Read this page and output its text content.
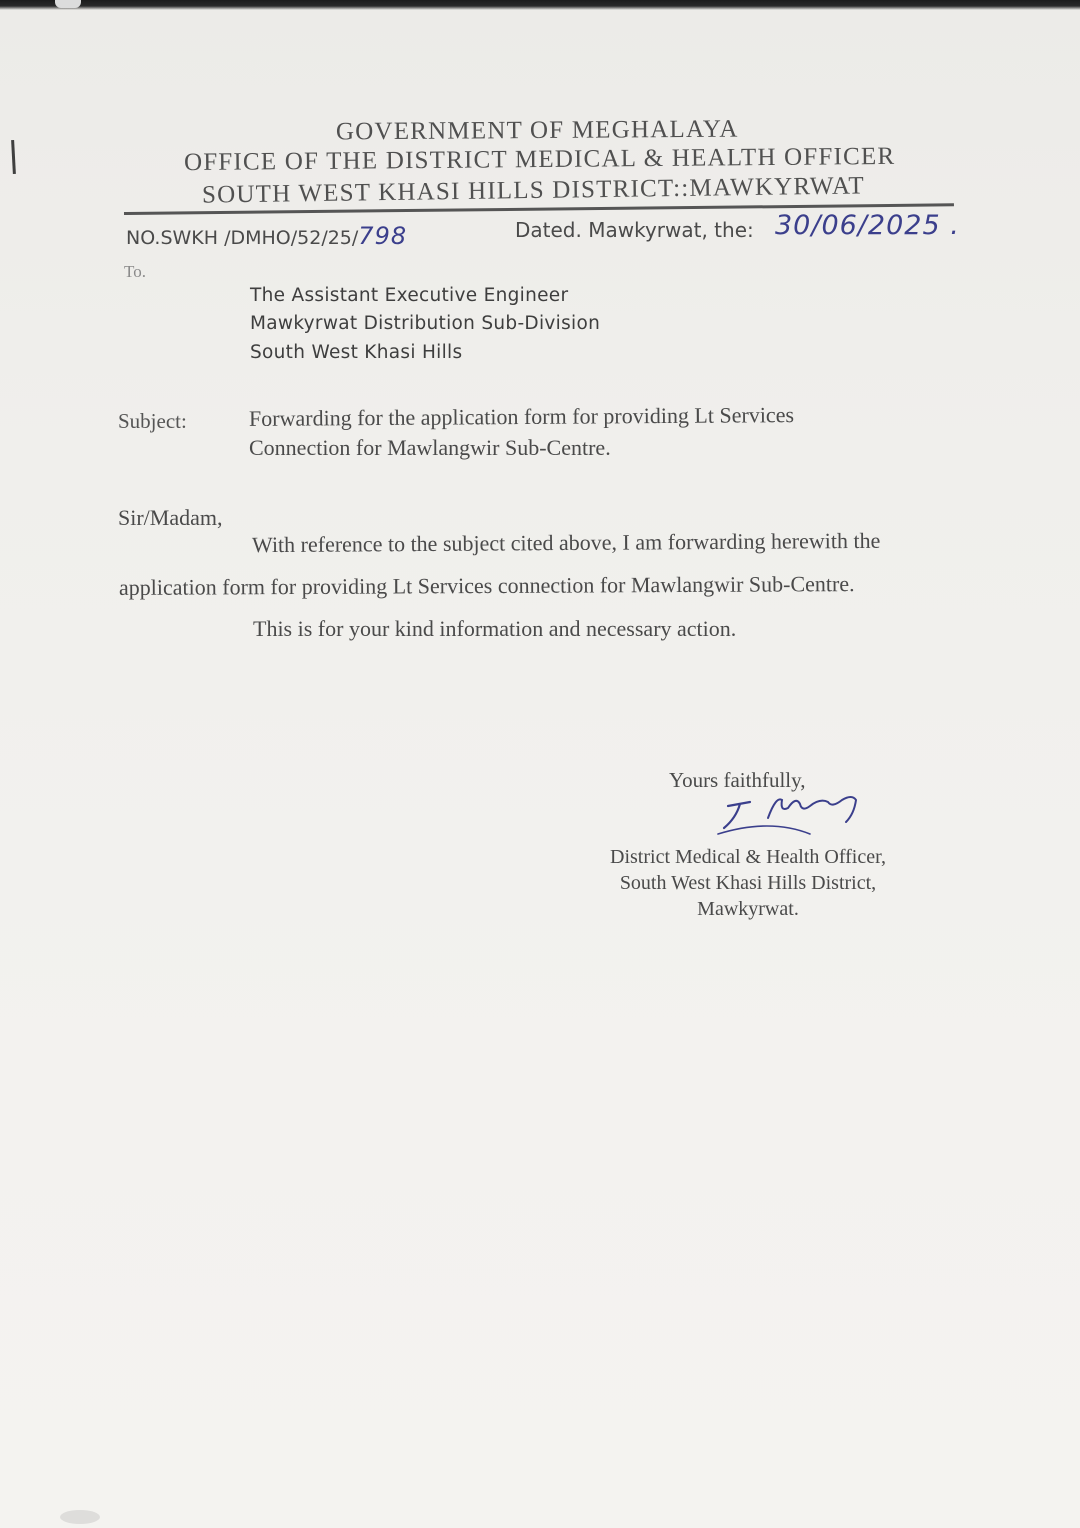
GOVERNMENT OF MEGHALAYA
OFFICE OF THE DISTRICT MEDICAL & HEALTH OFFICER
SOUTH WEST KHASI HILLS DISTRICT::MAWKYRWAT
NO.SWKH /DMHO/52/25/798	Dated. Mawkyrwat, the: 30/06/2025 .
To.
The Assistant Executive Engineer
Mawkyrwat Distribution Sub-Division
South West Khasi Hills
Subject:	Forwarding for the application form for providing Lt Services
Connection for Mawlangwir Sub-Centre.
Sir/Madam,
With reference to the subject cited above, I am forwarding herewith the
application form for providing Lt Services connection for Mawlangwir Sub-Centre.
This is for your kind information and necessary action.
Yours faithfully,
District Medical & Health Officer,
South West Khasi Hills District,
Mawkyrwat.
